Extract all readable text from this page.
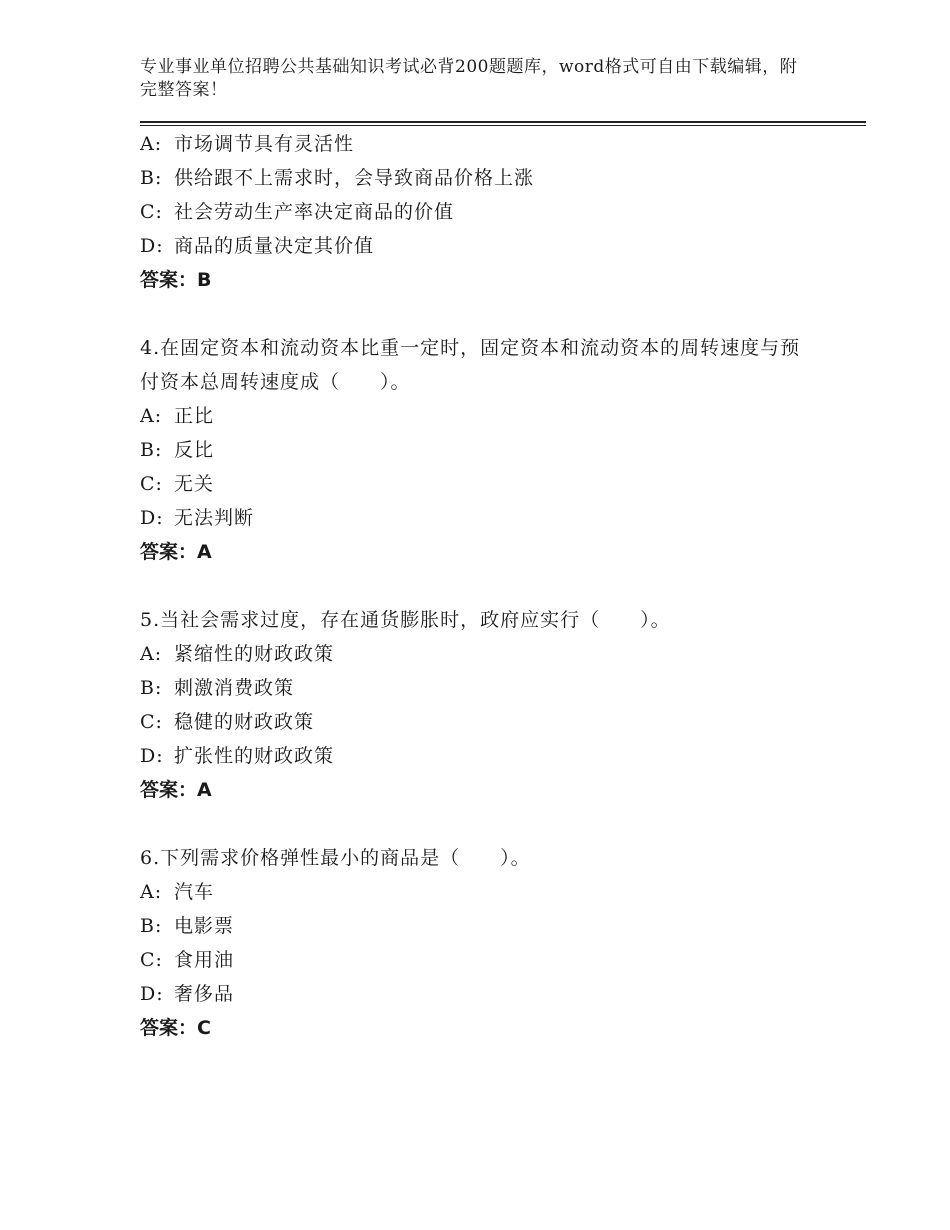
专业事业单位招聘公共基础知识考试必背200题题库，word格式可自由下载编辑，附完整答案！
A: 市场调节具有灵活性
B: 供给跟不上需求时，会导致商品价格上涨
C: 社会劳动生产率决定商品的价值
D: 商品的质量决定其价值
答案：B
4.在固定资本和流动资本比重一定时，固定资本和流动资本的周转速度与预付资本总周转速度成（　　）。
A: 正比
B: 反比
C: 无关
D: 无法判断
答案：A
5.当社会需求过度，存在通货膨胀时，政府应实行（　　）。
A: 紧缩性的财政政策
B: 刺激消费政策
C: 稳健的财政政策
D: 扩张性的财政政策
答案：A
6.下列需求价格弹性最小的商品是（　　）。
A: 汽车
B: 电影票
C: 食用油
D: 奢侈品
答案：C
